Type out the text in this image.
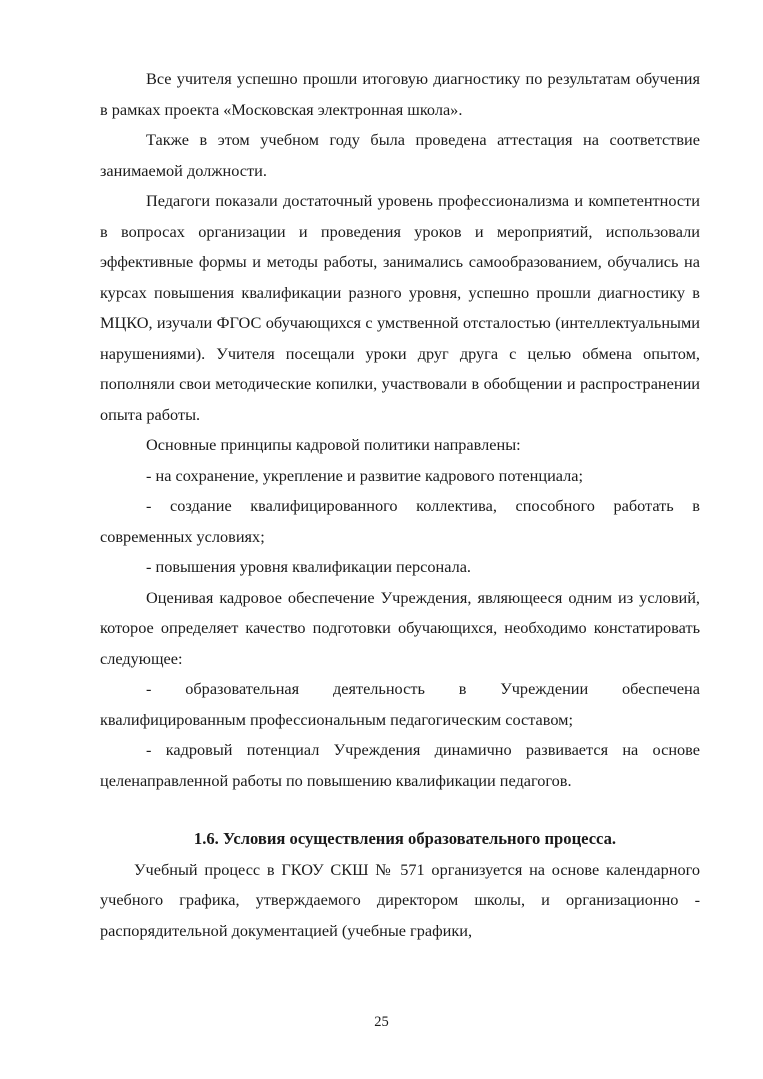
Все учителя успешно прошли итоговую диагностику по результатам обучения в рамках проекта «Московская электронная школа».

Также в этом учебном году была проведена аттестация на соответствие занимаемой должности.

Педагоги показали достаточный уровень профессионализма и компетентности в вопросах организации и проведения уроков и мероприятий, использовали эффективные формы и методы работы, занимались самообразованием, обучались на курсах повышения квалификации разного уровня, успешно прошли диагностику в МЦКО, изучали ФГОС обучающихся с умственной отсталостью (интеллектуальными нарушениями). Учителя посещали уроки друг друга с целью обмена опытом, пополняли свои методические копилки, участвовали в обобщении и распространении опыта работы.

Основные принципы кадровой политики направлены:

- на сохранение, укрепление и развитие кадрового потенциала;

- создание квалифицированного коллектива, способного работать в современных условиях;

- повышения уровня квалификации персонала.

Оценивая кадровое обеспечение Учреждения, являющееся одним из условий, которое определяет качество подготовки обучающихся, необходимо констатировать следующее:

- образовательная деятельность в Учреждении обеспечена квалифицированным профессиональным педагогическим составом;

- кадровый потенциал Учреждения динамично развивается на основе целенаправленной работы по повышению квалификации педагогов.

1.6. Условия осуществления образовательного процесса.

Учебный процесс в ГКОУ СКШ № 571 организуется на основе календарного учебного графика, утверждаемого директором школы, и организационно - распорядительной документацией (учебные графики,

25
